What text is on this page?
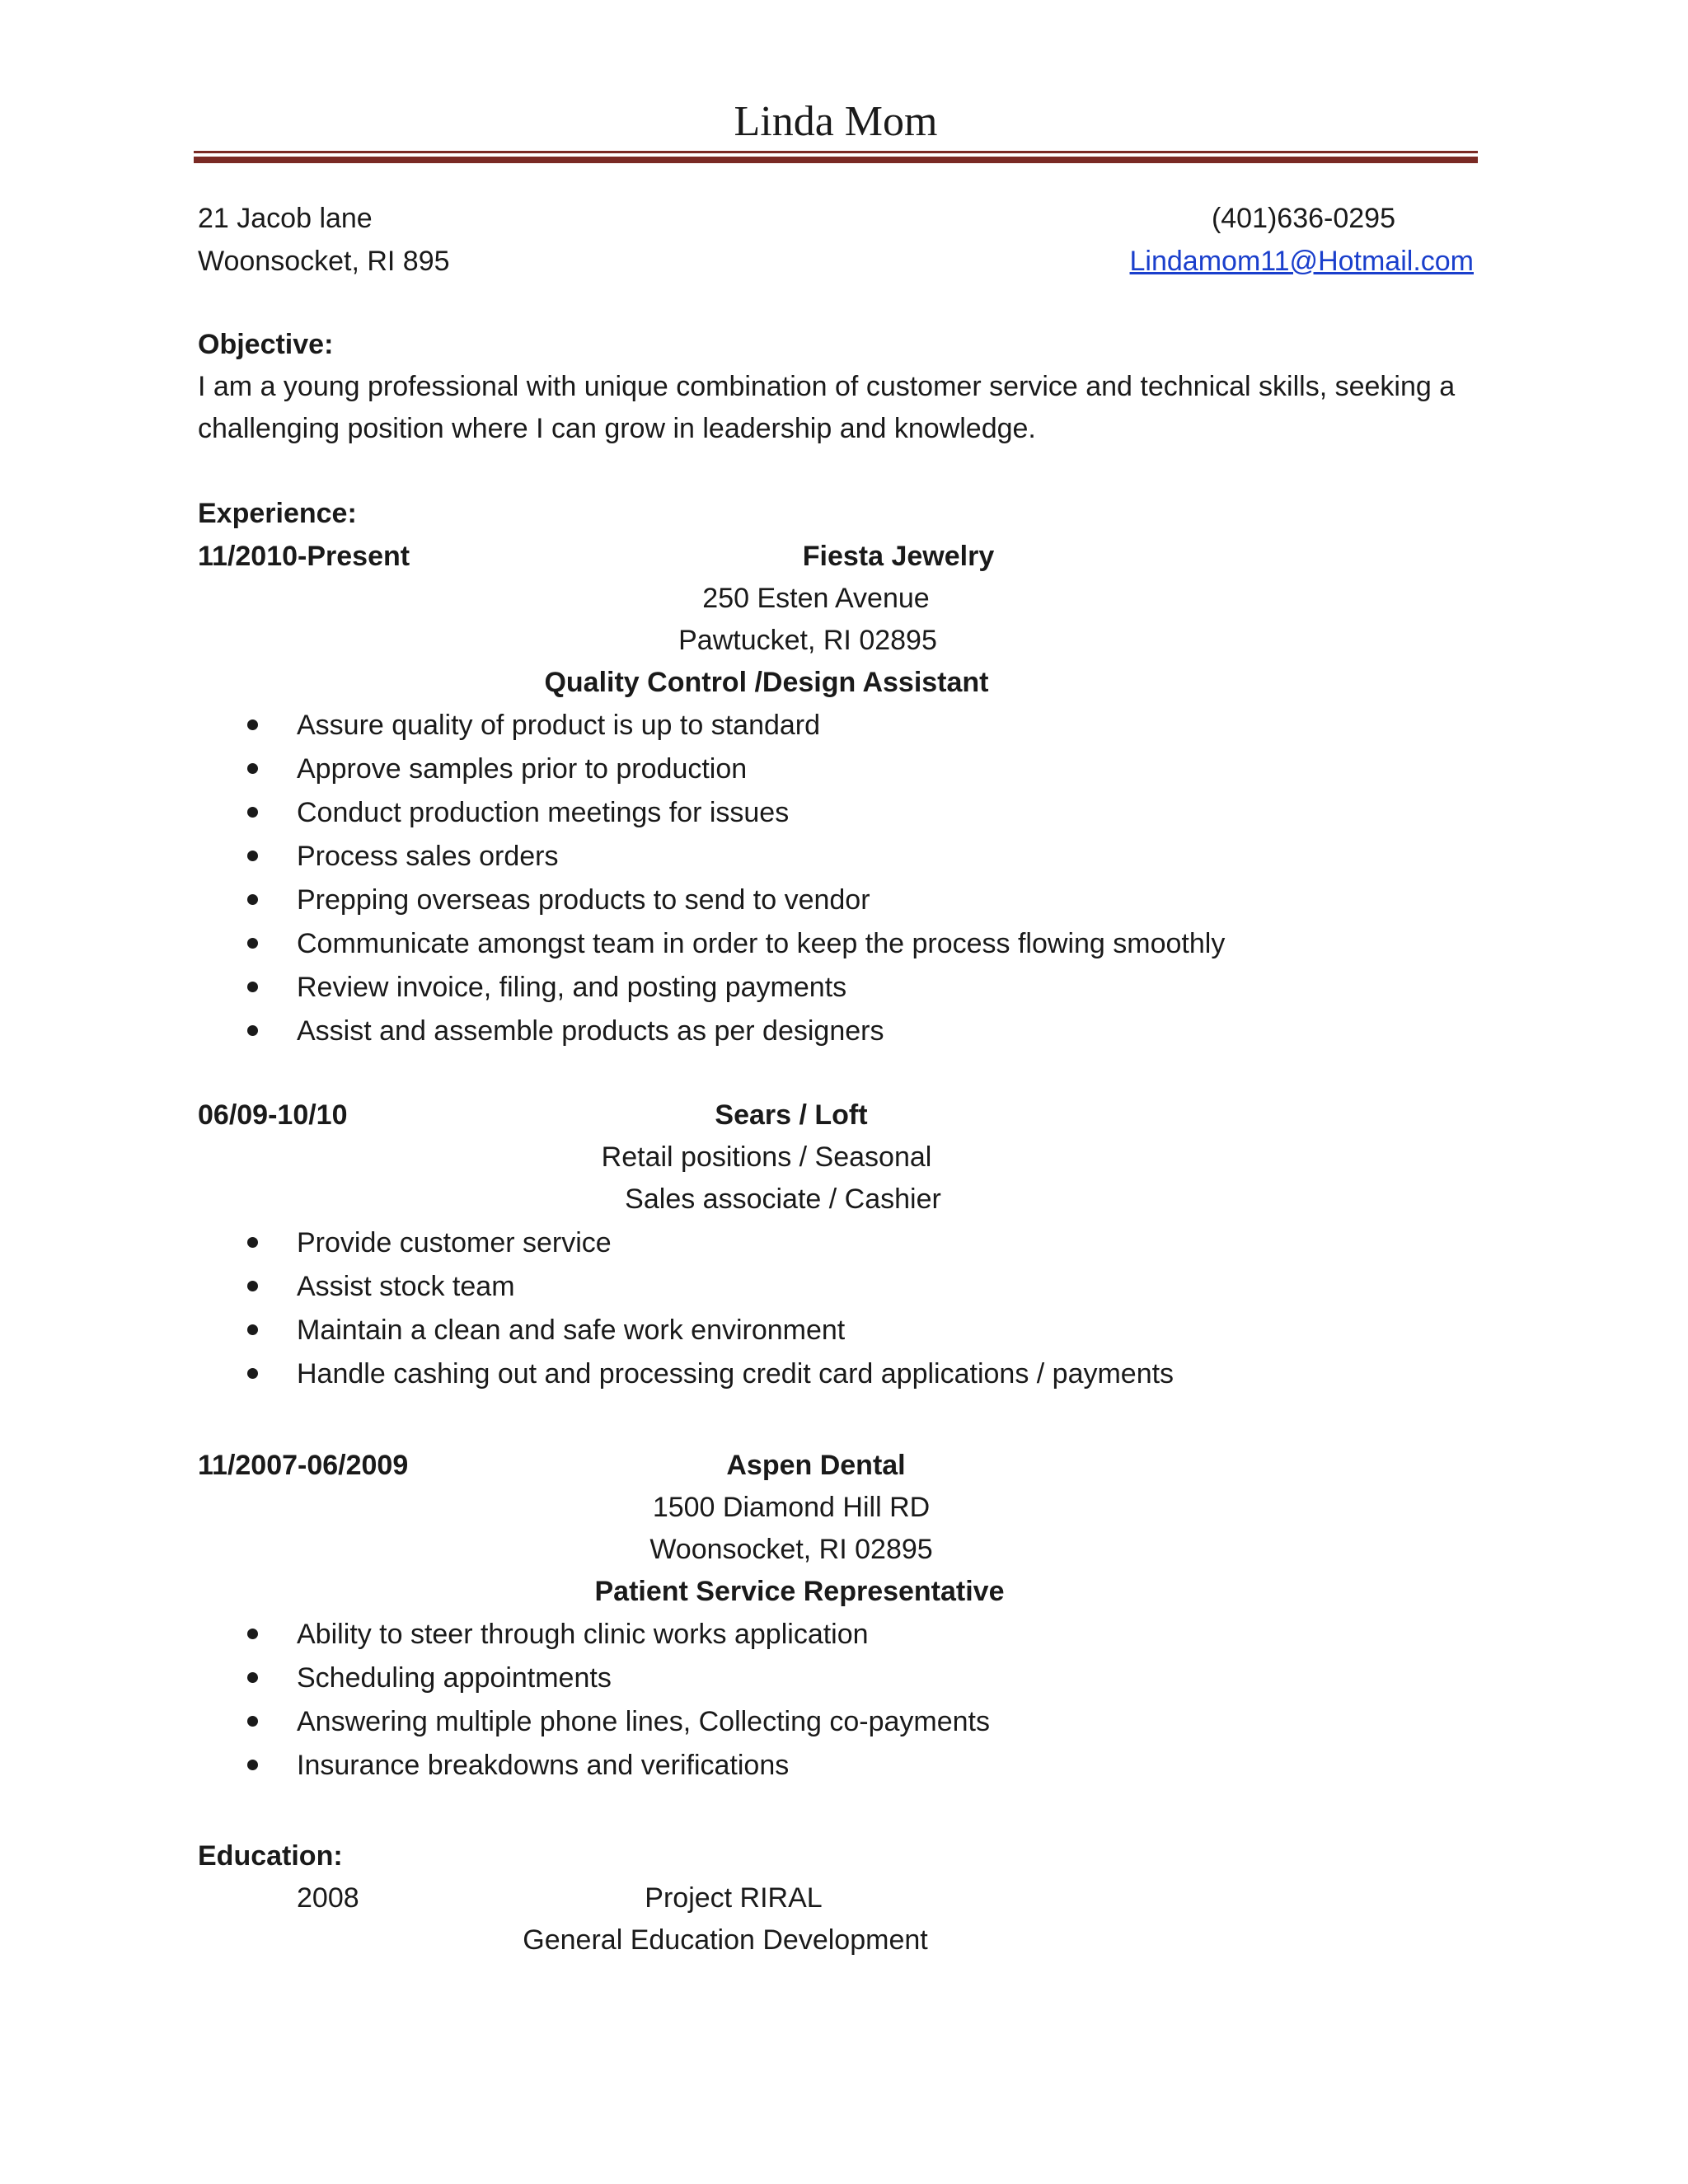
Linda Mom
21 Jacob lane
Woonsocket, RI 895
(401)636-0295
Lindamom11@Hotmail.com
Objective:
I am a young professional with unique combination of customer service and technical skills, seeking a challenging position where I can grow in leadership and knowledge.
Experience:
11/2010-Present	Fiesta Jewelry
250 Esten Avenue
Pawtucket, RI 02895
Quality Control /Design Assistant
Assure quality of product is up to standard
Approve samples prior to production
Conduct production meetings for issues
Process sales orders
Prepping overseas products to send to vendor
Communicate amongst team in order to keep the process flowing smoothly
Review invoice, filing, and posting payments
Assist and assemble products as per designers
06/09-10/10	Sears / Loft
Retail positions / Seasonal
Sales associate / Cashier
Provide customer service
Assist stock team
Maintain a clean and safe work environment
Handle cashing out and processing credit card applications / payments
11/2007-06/2009	Aspen Dental
1500 Diamond Hill RD
Woonsocket, RI 02895
Patient Service Representative
Ability to steer through clinic works application
Scheduling appointments
Answering multiple phone lines, Collecting co-payments
Insurance breakdowns and verifications
Education:
2008	Project RIRAL
General Education Development
